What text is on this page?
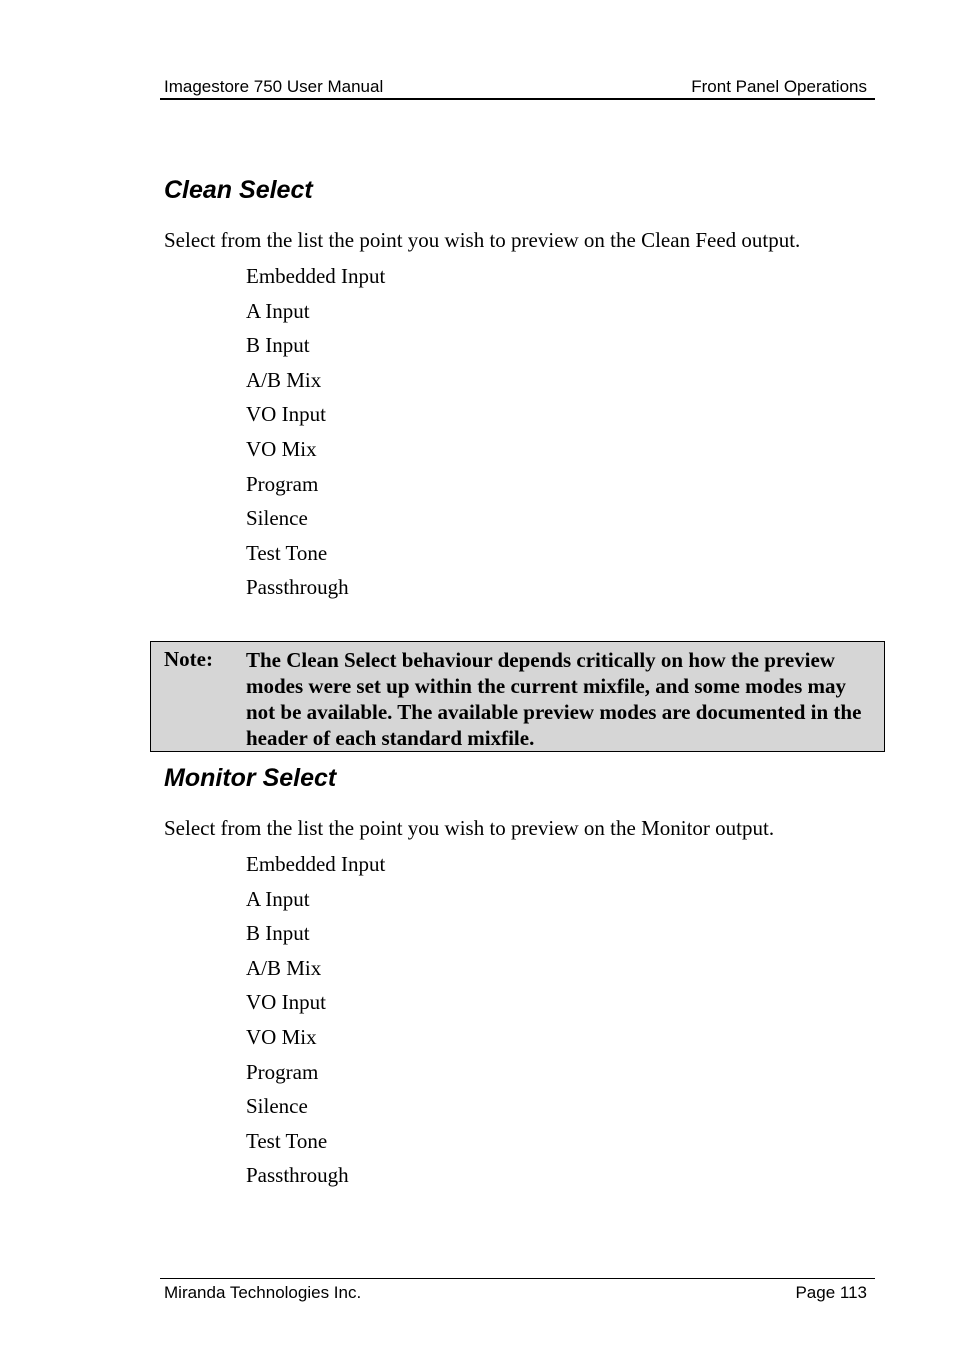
Imagestore 750 User Manual	Front Panel Operations
Clean Select

Select from the list the point you wish to preview on the Clean Feed output.

Embedded Input
A Input
B Input
A/B Mix
VO Input
VO Mix
Program
Silence
Test Tone
Passthrough
Note: The Clean Select behaviour depends critically on how the preview modes were set up within the current mixfile, and some modes may not be available. The available preview modes are documented in the header of each standard mixfile.
Monitor Select

Select from the list the point you wish to preview on the Monitor output.

Embedded Input
A Input
B Input
A/B Mix
VO Input
VO Mix
Program
Silence
Test Tone
Passthrough
Miranda Technologies Inc.	Page 113
